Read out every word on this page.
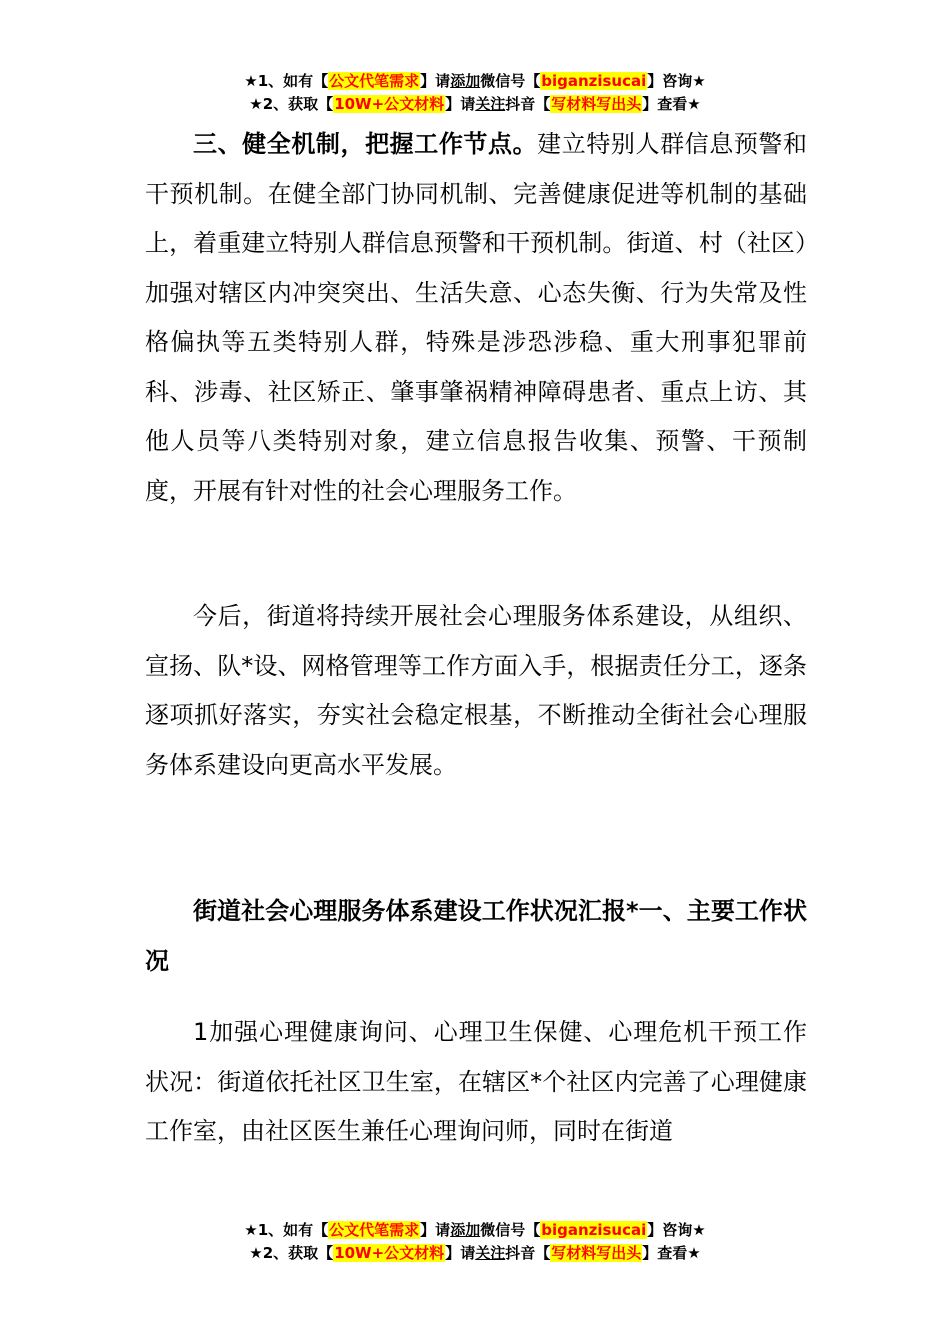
★1、如有【公文代笔需求】请添加微信号【biganzisucai】咨询★
★2、获取【10W+公文材料】请关注抖音【写材料写出头】查看★

三、健全机制，把握工作节点。建立特别人群信息预警和干预机制。在健全部门协同机制、完善健康促进等机制的基础上，着重建立特别人群信息预警和干预机制。街道、村（社区）加强对辖区内冲突突出、生活失意、心态失衡、行为失常及性格偏执等五类特别人群，特殊是涉恐涉稳、重大刑事犯罪前科、涉毒、社区矫正、肇事肇祸精神障碍患者、重点上访、其他人员等八类特别对象，建立信息报告收集、预警、干预制度，开展有针对性的社会心理服务工作。

今后，街道将持续开展社会心理服务体系建设，从组织、宣扬、队*设、网格管理等工作方面入手，根据责任分工，逐条逐项抓好落实，夯实社会稳定根基，不断推动全街社会心理服务体系建设向更高水平发展。

街道社会心理服务体系建设工作状况汇报*一、主要工作状况

1加强心理健康询问、心理卫生保健、心理危机干预工作状况：街道依托社区卫生室，在辖区*个社区内完善了心理健康工作室，由社区医生兼任心理询问师，同时在街道

★1、如有【公文代笔需求】请添加微信号【biganzisucai】咨询★
★2、获取【10W+公文材料】请关注抖音【写材料写出头】查看★
